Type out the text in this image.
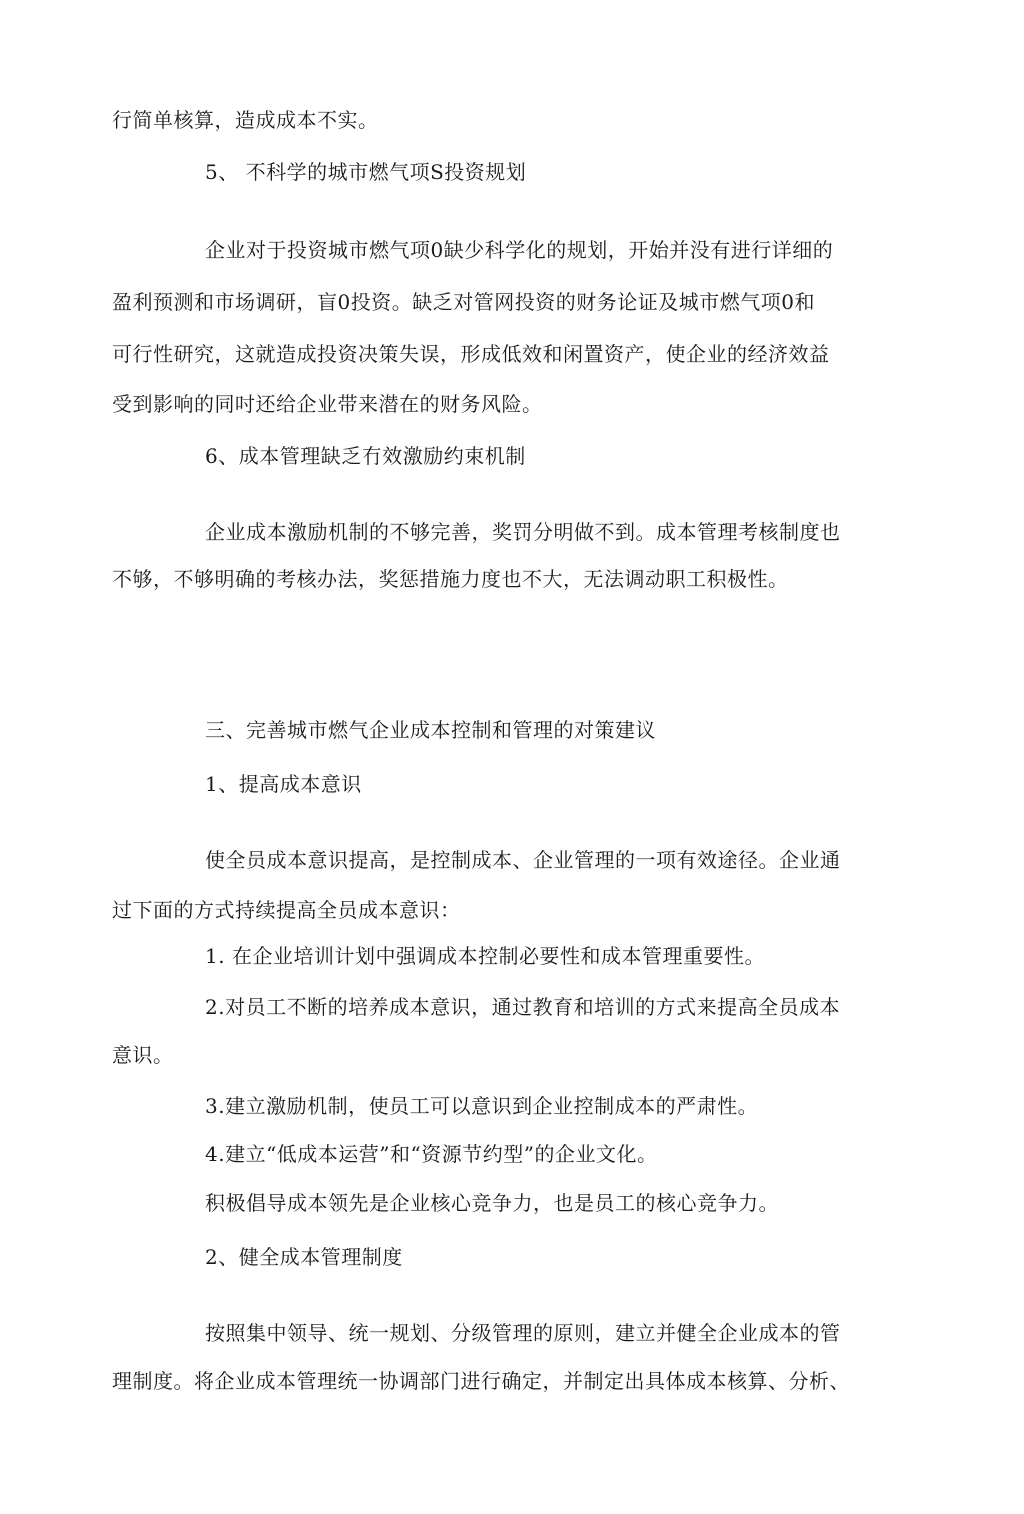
行简单核算，造成成本不实。
5、 不科学的城市燃气项S投资规划
企业对于投资城市燃气项0缺少科学化的规划，开始并没有进行详细的
盈利预测和市场调研，盲0投资。缺乏对管网投资的财务论证及城市燃气项0和
可行性研究，这就造成投资决策失误，形成低效和闲置资产，使企业的经济效益
受到影响的同吋还给企业带来潜在的财务风险。
6、成本管理缺乏冇效激励约束机制
企业成本激励机制的不够完善，奖罚分明做不到。成本管理考核制度也
不够，不够明确的考核办法，奖惩措施力度也不大，无法调动职工积极性。
三、完善城市燃气企业成本控制和管理的对策建议
1、提高成本意识
使全员成本意识提高，是控制成本、企业管理的一项有效途径。企业通
过下面的方式持续提高全员成本意识：
1. 在企业培训计划中强调成本控制必要性和成本管理重要性。
2.对员工不断的培养成本意识，通过教育和培训的方式来提高全员成本
意识。
3.建立激励机制，使员工可以意识到企业控制成本的严肃性。
4.建立“低成本运营”和“资源节约型”的企业文化。
积极倡导成本领先是企业核心竞争力，也是员工的核心竞争力。
2、健全成本管理制度
按照集中领导、统一规划、分级管理的原则，建立并健全企业成本的管
理制度。将企业成本管理统一协调部门进行确定，并制定出具体成本核算、分析、
